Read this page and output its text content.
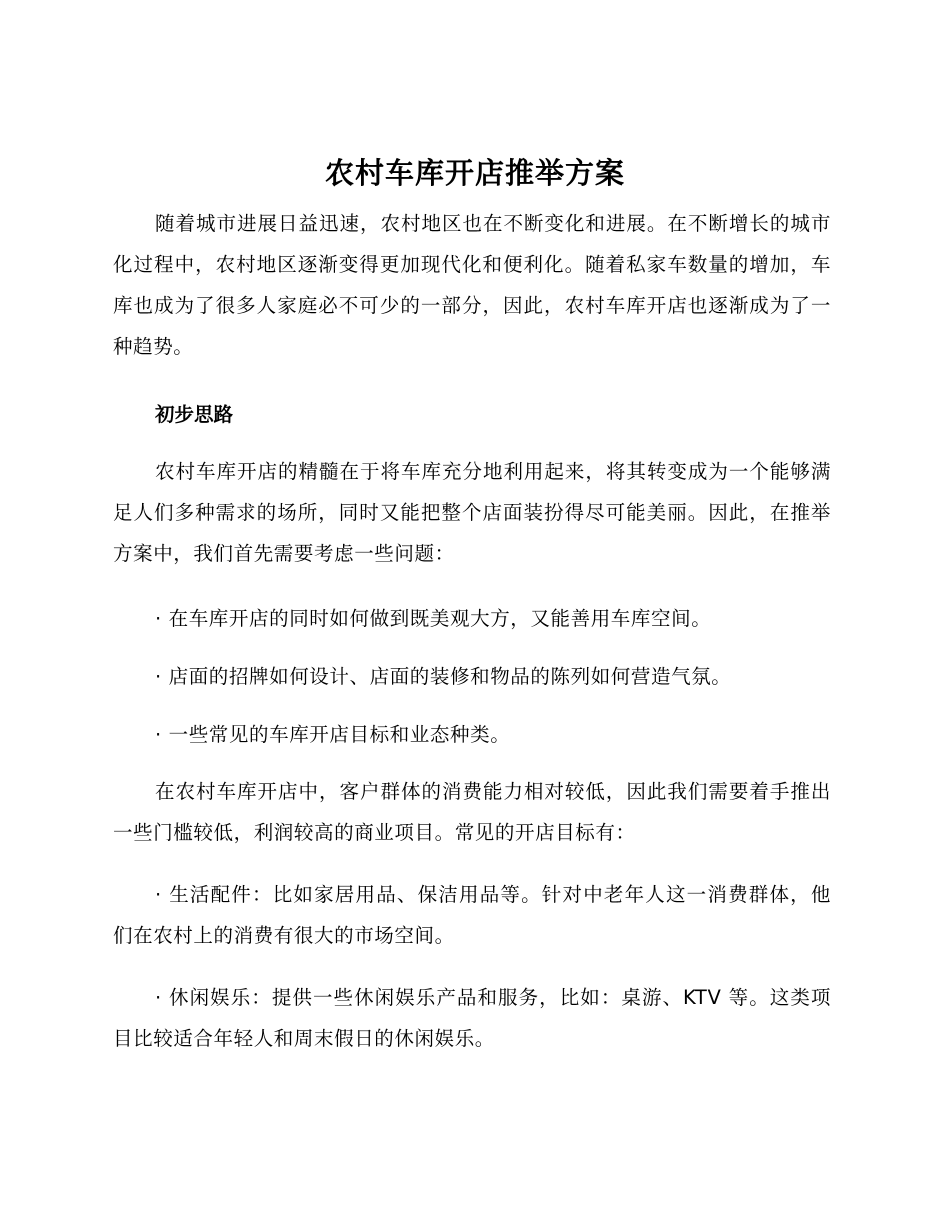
农村车库开店推举方案

随着城市进展日益迅速，农村地区也在不断变化和进展。在不断增长的城市化过程中，农村地区逐渐变得更加现代化和便利化。随着私家车数量的增加，车库也成为了很多人家庭必不可少的一部分，因此，农村车库开店也逐渐成为了一种趋势。

初步思路

农村车库开店的精髓在于将车库充分地利用起来，将其转变成为一个能够满足人们多种需求的场所，同时又能把整个店面装扮得尽可能美丽。因此，在推举方案中，我们首先需要考虑一些问题：

· 在车库开店的同时如何做到既美观大方，又能善用车库空间。

· 店面的招牌如何设计、店面的装修和物品的陈列如何营造气氛。

· 一些常见的车库开店目标和业态种类。

在农村车库开店中，客户群体的消费能力相对较低，因此我们需要着手推出一些门槛较低，利润较高的商业项目。常见的开店目标有：

· 生活配件：比如家居用品、保洁用品等。针对中老年人这一消费群体，他们在农村上的消费有很大的市场空间。

· 休闲娱乐：提供一些休闲娱乐产品和服务，比如：桌游、KTV 等。这类项目比较适合年轻人和周末假日的休闲娱乐。
